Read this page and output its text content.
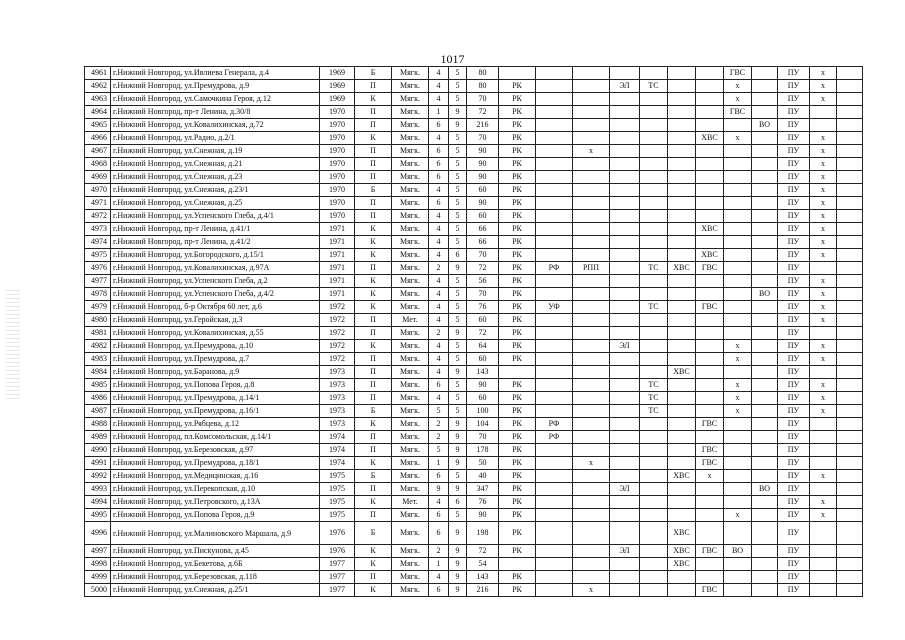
1017
4961	г.Нижний Новгород, ул.Ивлиева Генерала, д.4	1969	Б	Мягк.	4	5	80								ГВС		ПУ	х	
4962	г.Нижний Новгород, ул.Премудрова, д.9	1969	П	Мягк.	4	5	80	РК			ЭЛ	ТС			х		ПУ	х	
4963	г.Нижний Новгород, ул.Самочкина Героя, д.12	1969	К	Мягк.	4	5	70	РК							х		ПУ	х	
4964	г.Нижний Новгород, пр-т Ленина, д.30/8	1970	П	Мягк.	1	9	72	РК							ГВС		ПУ		
4965	г.Нижний Новгород, ул.Ковалихинская, д.72	1970	П	Мягк.	6	9	216	РК								ВО	ПУ		
4966	г.Нижний Новгород, ул.Радио, д.2/1	1970	К	Мягк.	4	5	70	РК						ХВС	х		ПУ	х	
4967	г.Нижний Новгород, ул.Снежная, д.19	1970	П	Мягк.	6	5	90	РК		х							ПУ	х	
4968	г.Нижний Новгород, ул.Снежная, д.21	1970	П	Мягк.	6	5	90	РК									ПУ	х	
4969	г.Нижний Новгород, ул.Снежная, д.23	1970	П	Мягк.	6	5	90	РК									ПУ	х	
4970	г.Нижний Новгород, ул.Снежная, д.23/1	1970	Б	Мягк.	4	5	60	РК									ПУ	х	
4971	г.Нижний Новгород, ул.Снежная, д.25	1970	П	Мягк.	6	5	90	РК									ПУ	х	
4972	г.Нижний Новгород, ул.Успенского Глеба, д.4/1	1970	П	Мягк.	4	5	60	РК									ПУ	х	
4973	г.Нижний Новгород, пр-т Ленина, д.41/1	1971	К	Мягк.	4	5	66	РК						ХВС			ПУ	х	
4974	г.Нижний Новгород, пр-т Ленина, д.41/2	1971	К	Мягк.	4	5	66	РК									ПУ	х	
4975	г.Нижний Новгород, ул.Богородского, д.15/1	1971	К	Мягк.	4	6	70	РК						ХВС			ПУ	х	
4976	г.Нижний Новгород, ул.Ковалихинская, д.97А	1971	П	Мягк.	2	9	72	РК	РФ	РПП		ТС	ХВС	ГВС			ПУ		
4977	г.Нижний Новгород, ул.Успенского Глеба, д.2	1971	К	Мягк.	4	5	56	РК									ПУ	х	
4978	г.Нижний Новгород, ул.Успенского Глеба, д.4/2	1971	К	Мягк.	4	5	70	РК								ВО	ПУ	х	
4979	г.Нижний Новгород, б-р Октября 60 лет, д.6	1972	К	Мягк.	4	5	76	РК	УФ			ТС		ГВС			ПУ	х	
4980	г.Нижний Новгород, ул.Геройская, д.3	1972	П	Мет.	4	5	60	РК									ПУ	х	
4981	г.Нижний Новгород, ул.Ковалихинская, д.55	1972	П	Мягк.	2	9	72	РК									ПУ		
4982	г.Нижний Новгород, ул.Премудрова, д.10	1972	К	Мягк.	4	5	64	РК			ЭЛ				х		ПУ	х	
4983	г.Нижний Новгород, ул.Премудрова, д.7	1972	П	Мягк.	4	5	60	РК							х		ПУ	х	
4984	г.Нижний Новгород, ул.Баранова, д.9	1973	П	Мягк.	4	9	143						ХВС				ПУ		
4985	г.Нижний Новгород, ул.Попова Героя, д.8	1973	П	Мягк.	6	5	90	РК				ТС			х		ПУ	х	
4986	г.Нижний Новгород, ул.Премудрова, д.14/1	1973	П	Мягк.	4	5	60	РК				ТС			х		ПУ	х	
4987	г.Нижний Новгород, ул.Премудрова, д.16/1	1973	Б	Мягк.	5	5	100	РК				ТС			х		ПУ	х	
4988	г.Нижний Новгород, ул.Рябцева, д.12	1973	К	Мягк.	2	9	104	РК	РФ					ГВС			ПУ		
4989	г.Нижний Новгород, пл.Комсомольская, д.14/1	1974	П	Мягк.	2	9	70	РК	РФ								ПУ		
4990	г.Нижний Новгород, ул.Березовская, д.97	1974	П	Мягк.	5	9	178	РК						ГВС			ПУ		
4991	г.Нижний Новгород, ул.Премудрова, д.18/1	1974	К	Мягк.	1	9	50	РК		х				ГВС			ПУ		
4992	г.Нижний Новгород, ул.Медицинская, д.16	1975	Б	Мягк.	6	5	40	РК					ХВС	х			ПУ	х	
4993	г.Нижний Новгород, ул.Перекопская, д.10	1975	П	Мягк.	9	9	347	РК			ЭЛ					ВО	ПУ		
4994	г.Нижний Новгород, ул.Петровского, д.13А	1975	К	Мет.	4	6	76	РК									ПУ	х	
4995	г.Нижний Новгород, ул.Попова Героя, д.9	1975	П	Мягк.	6	5	90	РК							х		ПУ	х	
4996	г.Нижний Новгород, ул.Малиновского Маршала, д.9	1976	Б	Мягк.	6	9	198	РК					ХВС				ПУ		
4997	г.Нижний Новгород, ул.Пискунова, д.45	1976	К	Мягк.	2	9	72	РК			ЭЛ		ХВС	ГВС	ВО		ПУ		
4998	г.Нижний Новгород, ул.Бекетова, д.6Б	1977	К	Мягк.	1	9	54						ХВС				ПУ		
4999	г.Нижний Новгород, ул.Березовская, д.118	1977	П	Мягк.	4	9	143	РК									ПУ		
5000	г.Нижний Новгород, ул.Снежная, д.25/1	1977	К	Мягк.	6	9	216	РК		х				ГВС			ПУ		
